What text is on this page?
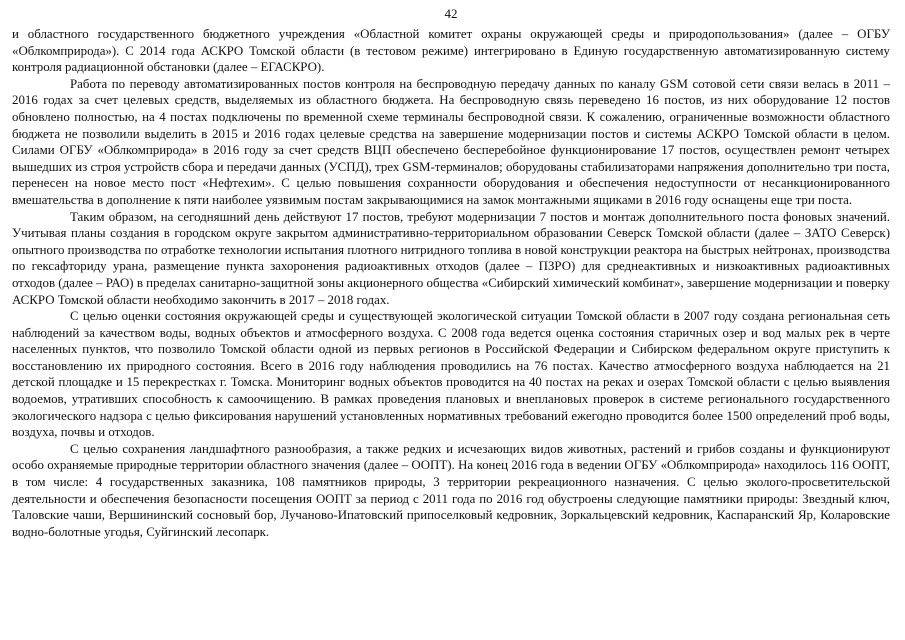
42

и областного государственного бюджетного учреждения «Областной комитет охраны окружающей среды и природопользования» (далее – ОГБУ «Облкомприрода»). С 2014 года АСКРО Томской области (в тестовом режиме) интегрировано в Единую государственную автоматизированную систему контроля радиационной обстановки (далее – ЕГАСКРО).

Работа по переводу автоматизированных постов контроля на беспроводную передачу данных по каналу GSM сотовой сети связи велась в 2011 – 2016 годах за счет целевых средств, выделяемых из областного бюджета. На беспроводную связь переведено 16 постов, из них оборудование 12 постов обновлено полностью, на 4 постах подключены по временной схеме терминалы беспроводной связи. К сожалению, ограниченные возможности областного бюджета не позволили выделить в 2015 и 2016 годах целевые средства на завершение модернизации постов и системы АСКРО Томской области в целом. Силами ОГБУ «Облкомприрода» в 2016 году за счет средств ВЦП обеспечено бесперебойное функционирование 17 постов, осуществлен ремонт четырех вышедших из строя устройств сбора и передачи данных (УСПД), трех GSM-терминалов; оборудованы стабилизаторами напряжения дополнительно три поста, перенесен на новое место пост «Нефтехим». С целью повышения сохранности оборудования и обеспечения недоступности от несанкционированного вмешательства в дополнение к пяти наиболее уязвимым постам закрывающимися на замок монтажными ящиками в 2016 году оснащены еще три поста.

Таким образом, на сегодняшний день действуют 17 постов, требуют модернизации 7 постов и монтаж дополнительного поста фоновых значений. Учитывая планы создания в городском округе закрытом административно-территориальном образовании Северск Томской области (далее – ЗАТО Северск) опытного производства по отработке технологии испытания плотного нитридного топлива в новой конструкции реактора на быстрых нейтронах, производства по гексафториду урана, размещение пункта захоронения радиоактивных отходов (далее – ПЗРО) для среднеактивных и низкоактивных радиоактивных отходов (далее – РАО) в пределах санитарно-защитной зоны акционерного общества «Сибирский химический комбинат», завершение модернизации и поверку АСКРО Томской области необходимо закончить в 2017 – 2018 годах.

С целью оценки состояния окружающей среды и существующей экологической ситуации Томской области в 2007 году создана региональная сеть наблюдений за качеством воды, водных объектов и атмосферного воздуха. С 2008 года ведется оценка состояния старичных озер и вод малых рек в черте населенных пунктов, что позволило Томской области одной из первых регионов в Российской Федерации и Сибирском федеральном округе приступить к восстановлению их природного состояния. Всего в 2016 году наблюдения проводились на 76 постах. Качество атмосферного воздуха наблюдается на 21 детской площадке и 15 перекрестках г. Томска. Мониторинг водных объектов проводится на 40 постах на реках и озерах Томской области с целью выявления водоемов, утративших способность к самоочищению. В рамках проведения плановых и внеплановых проверок в системе регионального государственного экологического надзора с целью фиксирования нарушений установленных нормативных требований ежегодно проводится более 1500 определений проб воды, воздуха, почвы и отходов.

С целью сохранения ландшафтного разнообразия, а также редких и исчезающих видов животных, растений и грибов созданы и функционируют особо охраняемые природные территории областного значения (далее – ООПТ). На конец 2016 года в ведении ОГБУ «Облкомприрода» находилось 116 ООПТ, в том числе: 4 государственных заказника, 108 памятников природы, 3 территории рекреационного назначения. С целью эколого-просветительской деятельности и обеспечения безопасности посещения ООПТ за период с 2011 года по 2016 год обустроены следующие памятники природы: Звездный ключ, Таловские чаши, Вершининский сосновый бор, Лучаново-Ипатовский припоселковый кедровник, Зоркальцевский кедровник, Каспаранский Яр, Коларовские водно-болотные угодья, Суйгинский лесопарк.
